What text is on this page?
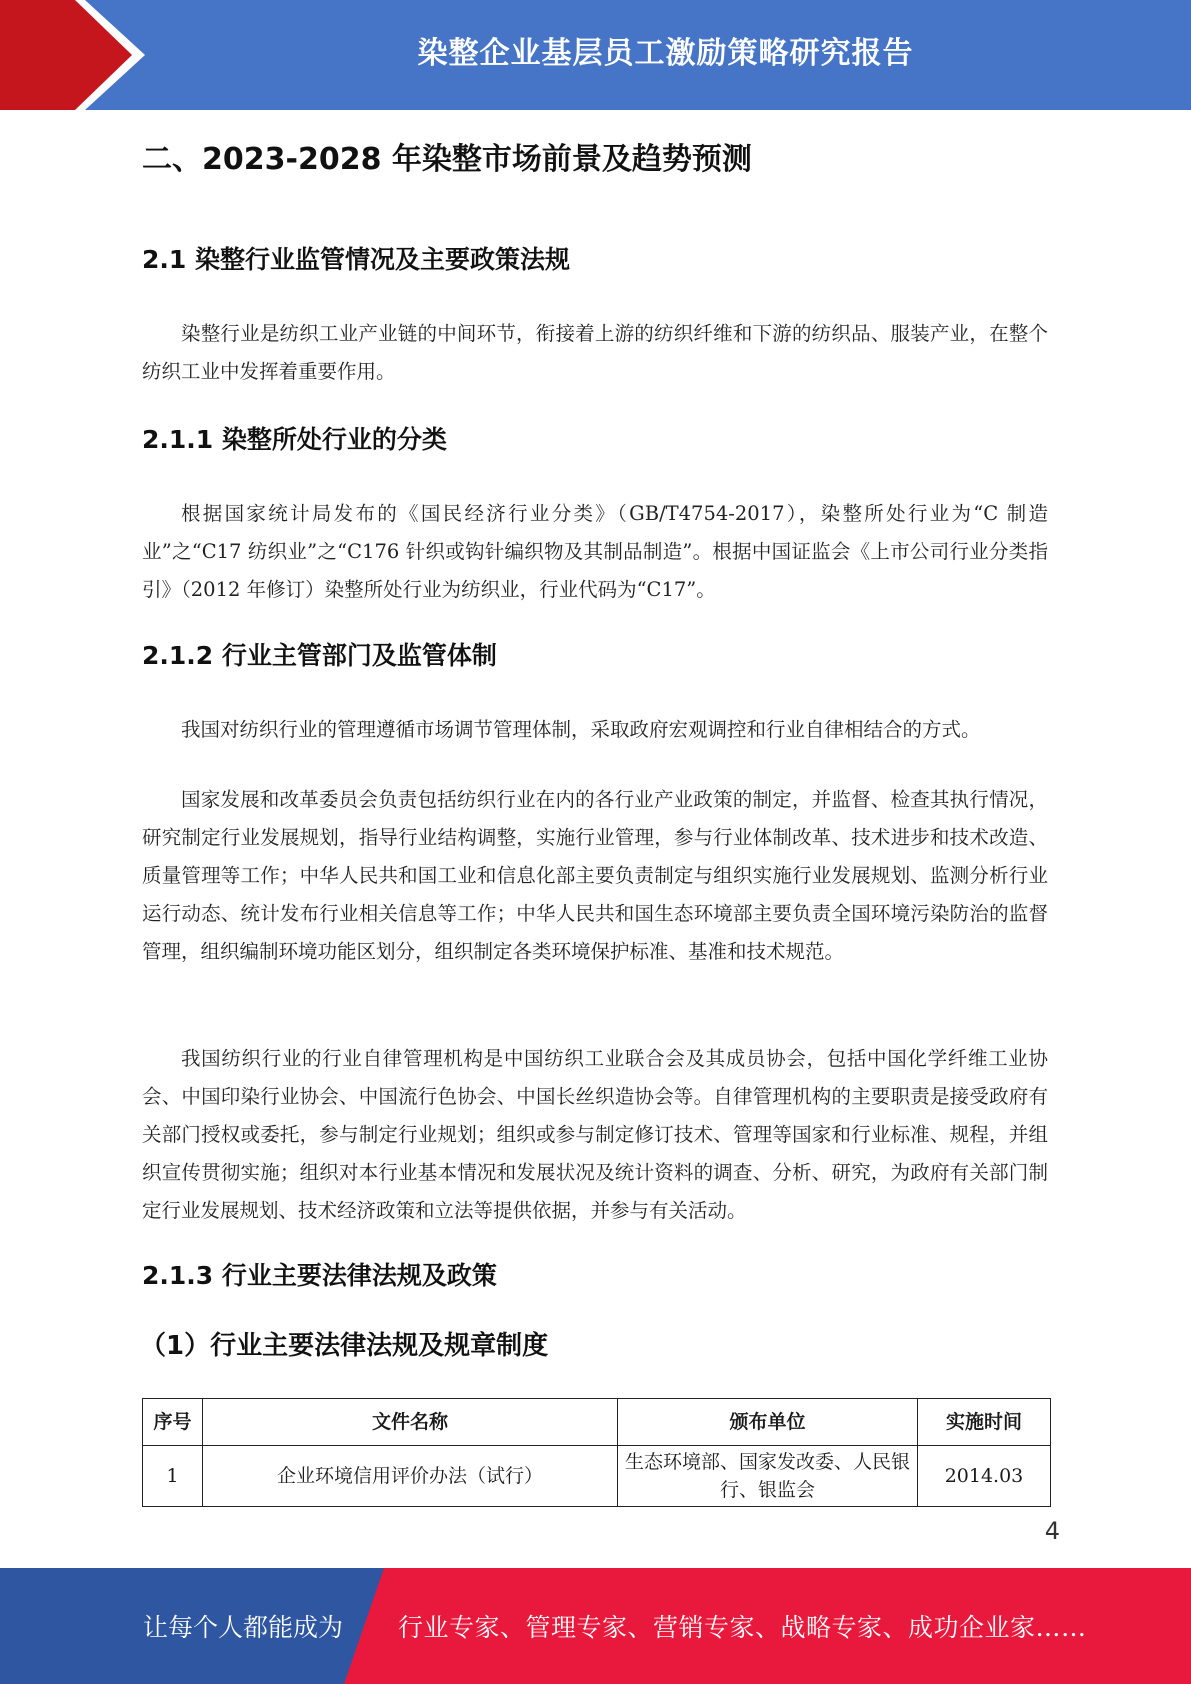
染整企业基层员工激励策略研究报告
二、2023-2028 年染整市场前景及趋势预测
2.1 染整行业监管情况及主要政策法规

染整行业是纺织工业产业链的中间环节，衔接着上游的纺织纤维和下游的纺织品、服装产业，在整个纺织工业中发挥着重要作用。

2.1.1 染整所处行业的分类

根据国家统计局发布的《国民经济行业分类》（GB/T4754-2017），染整所处行业为“C 制造业”之“C17 纺织业”之“C176 针织或钩针编织物及其制品制造”。根据中国证监会《上市公司行业分类指引》（2012 年修订）染整所处行业为纺织业，行业代码为“C17”。

2.1.2 行业主管部门及监管体制

我国对纺织行业的管理遵循市场调节管理体制，采取政府宏观调控和行业自律相结合的方式。

国家发展和改革委员会负责包括纺织行业在内的各行业产业政策的制定，并监督、检查其执行情况，研究制定行业发展规划，指导行业结构调整，实施行业管理，参与行业体制改革、技术进步和技术改造、质量管理等工作；中华人民共和国工业和信息化部主要负责制定与组织实施行业发展规划、监测分析行业运行动态、统计发布行业相关信息等工作；中华人民共和国生态环境部主要负责全国环境污染防治的监督管理，组织编制环境功能区划分，组织制定各类环境保护标准、基准和技术规范。

我国纺织行业的行业自律管理机构是中国纺织工业联合会及其成员协会，包括中国化学纤维工业协会、中国印染行业协会、中国流行色协会、中国长丝织造协会等。自律管理机构的主要职责是接受政府有关部门授权或委托，参与制定行业规划；组织或参与制定修订技术、管理等国家和行业标准、规程，并组织宣传贯彻实施；组织对本行业基本情况和发展状况及统计资料的调查、分析、研究，为政府有关部门制定行业发展规划、技术经济政策和立法等提供依据，并参与有关活动。

2.1.3 行业主要法律法规及政策
（1）行业主要法律法规及规章制度
序号	文件名称	颁布单位	实施时间
1	企业环境信用评价办法（试行）	生态环境部、国家发改委、人民银行、银监会	2014.03
4
让每个人都能成为 行业专家、管理专家、营销专家、战略专家、成功企业家……
